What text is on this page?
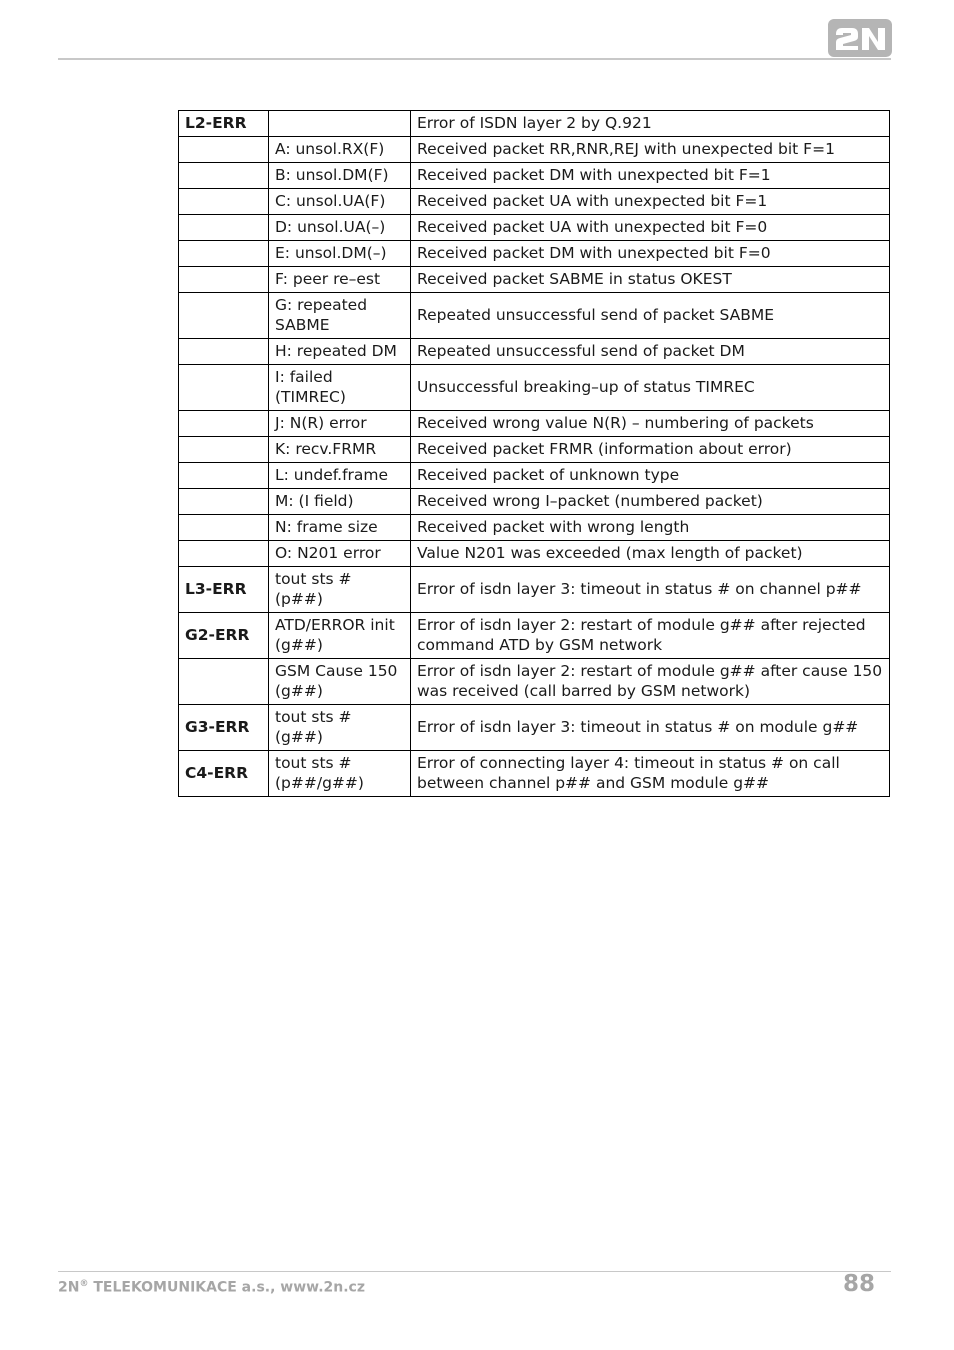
L2-ERR		Error of ISDN layer 2 by Q.921
	A: unsol.RX(F)	Received packet RR,RNR,REJ with unexpected bit F=1
	B: unsol.DM(F)	Received packet DM with unexpected bit F=1
	C: unsol.UA(F)	Received packet UA with unexpected bit F=1
	D: unsol.UA(–)	Received packet UA with unexpected bit F=0
	E: unsol.DM(–)	Received packet DM with unexpected bit F=0
	F: peer re–est	Received packet SABME in status OKEST
	G: repeated SABME	Repeated unsuccessful send of packet SABME
	H: repeated DM	Repeated unsuccessful send of packet DM
	I: failed (TIMREC)	Unsuccessful breaking–up of status TIMREC
	J: N(R) error	Received wrong value N(R) – numbering of packets
	K: recv.FRMR	Received packet FRMR (information about error)
	L: undef.frame	Received packet of unknown type
	M: (I field)	Received wrong I–packet (numbered packet)
	N: frame size	Received packet with wrong length
	O: N201 error	Value N201 was exceeded (max length of packet)
L3-ERR	tout sts # (p##)	Error of isdn layer 3: timeout in status # on channel p##
G2-ERR	ATD/ERROR init (g##)	Error of isdn layer 2: restart of module g## after rejected command ATD by GSM network
	GSM Cause 150 (g##)	Error of isdn layer 2: restart of module g## after cause 150 was received (call barred by GSM network)
G3-ERR	tout sts # (g##)	Error of isdn layer 3: timeout in status # on module g##
C4-ERR	tout sts # (p##/g##)	Error of connecting layer 4: timeout in status # on call between channel p## and GSM module g##
2N® TELEKOMUNIKACE a.s., www.2n.cz	88
